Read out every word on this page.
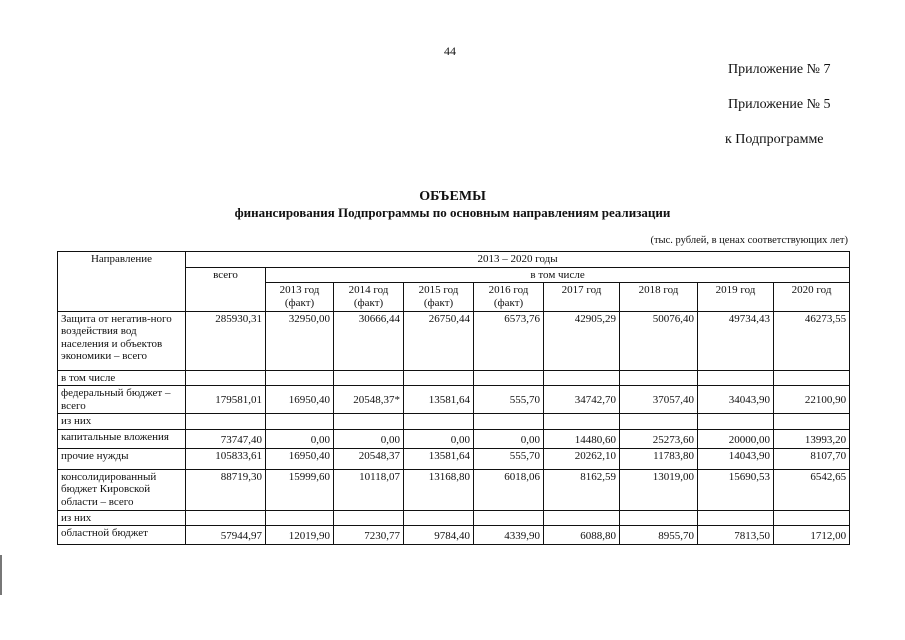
44
Приложение № 7
Приложение № 5
к Подпрограмме
ОБЪЕМЫ
финансирования Подпрограммы по основным направлениям реализации
(тыс. рублей, в ценах соответствующих лет)
Направление	2013 – 2020 годы								
	всего	в том числе							
		2013 год (факт)	2014 год (факт)	2015 год (факт)	2016 год (факт)	2017 год	2018 год	2019 год	2020 год
Защита от негатив-ного воздействия вод населения и объектов экономики – всего	285930,31	32950,00	30666,44	26750,44	6573,76	42905,29	50076,40	49734,43	46273,55
в том числе									
федеральный бюджет – всего	179581,01	16950,40	20548,37*	13581,64	555,70	34742,70	37057,40	34043,90	22100,90
из них									
капитальные вложения	73747,40	0,00	0,00	0,00	0,00	14480,60	25273,60	20000,00	13993,20
прочие нужды	105833,61	16950,40	20548,37	13581,64	555,70	20262,10	11783,80	14043,90	8107,70
консолидированный бюджет Кировской области – всего	88719,30	15999,60	10118,07	13168,80	6018,06	8162,59	13019,00	15690,53	6542,65
из них									
областной бюджет	57944,97	12019,90	7230,77	9784,40	4339,90	6088,80	8955,70	7813,50	1712,00
